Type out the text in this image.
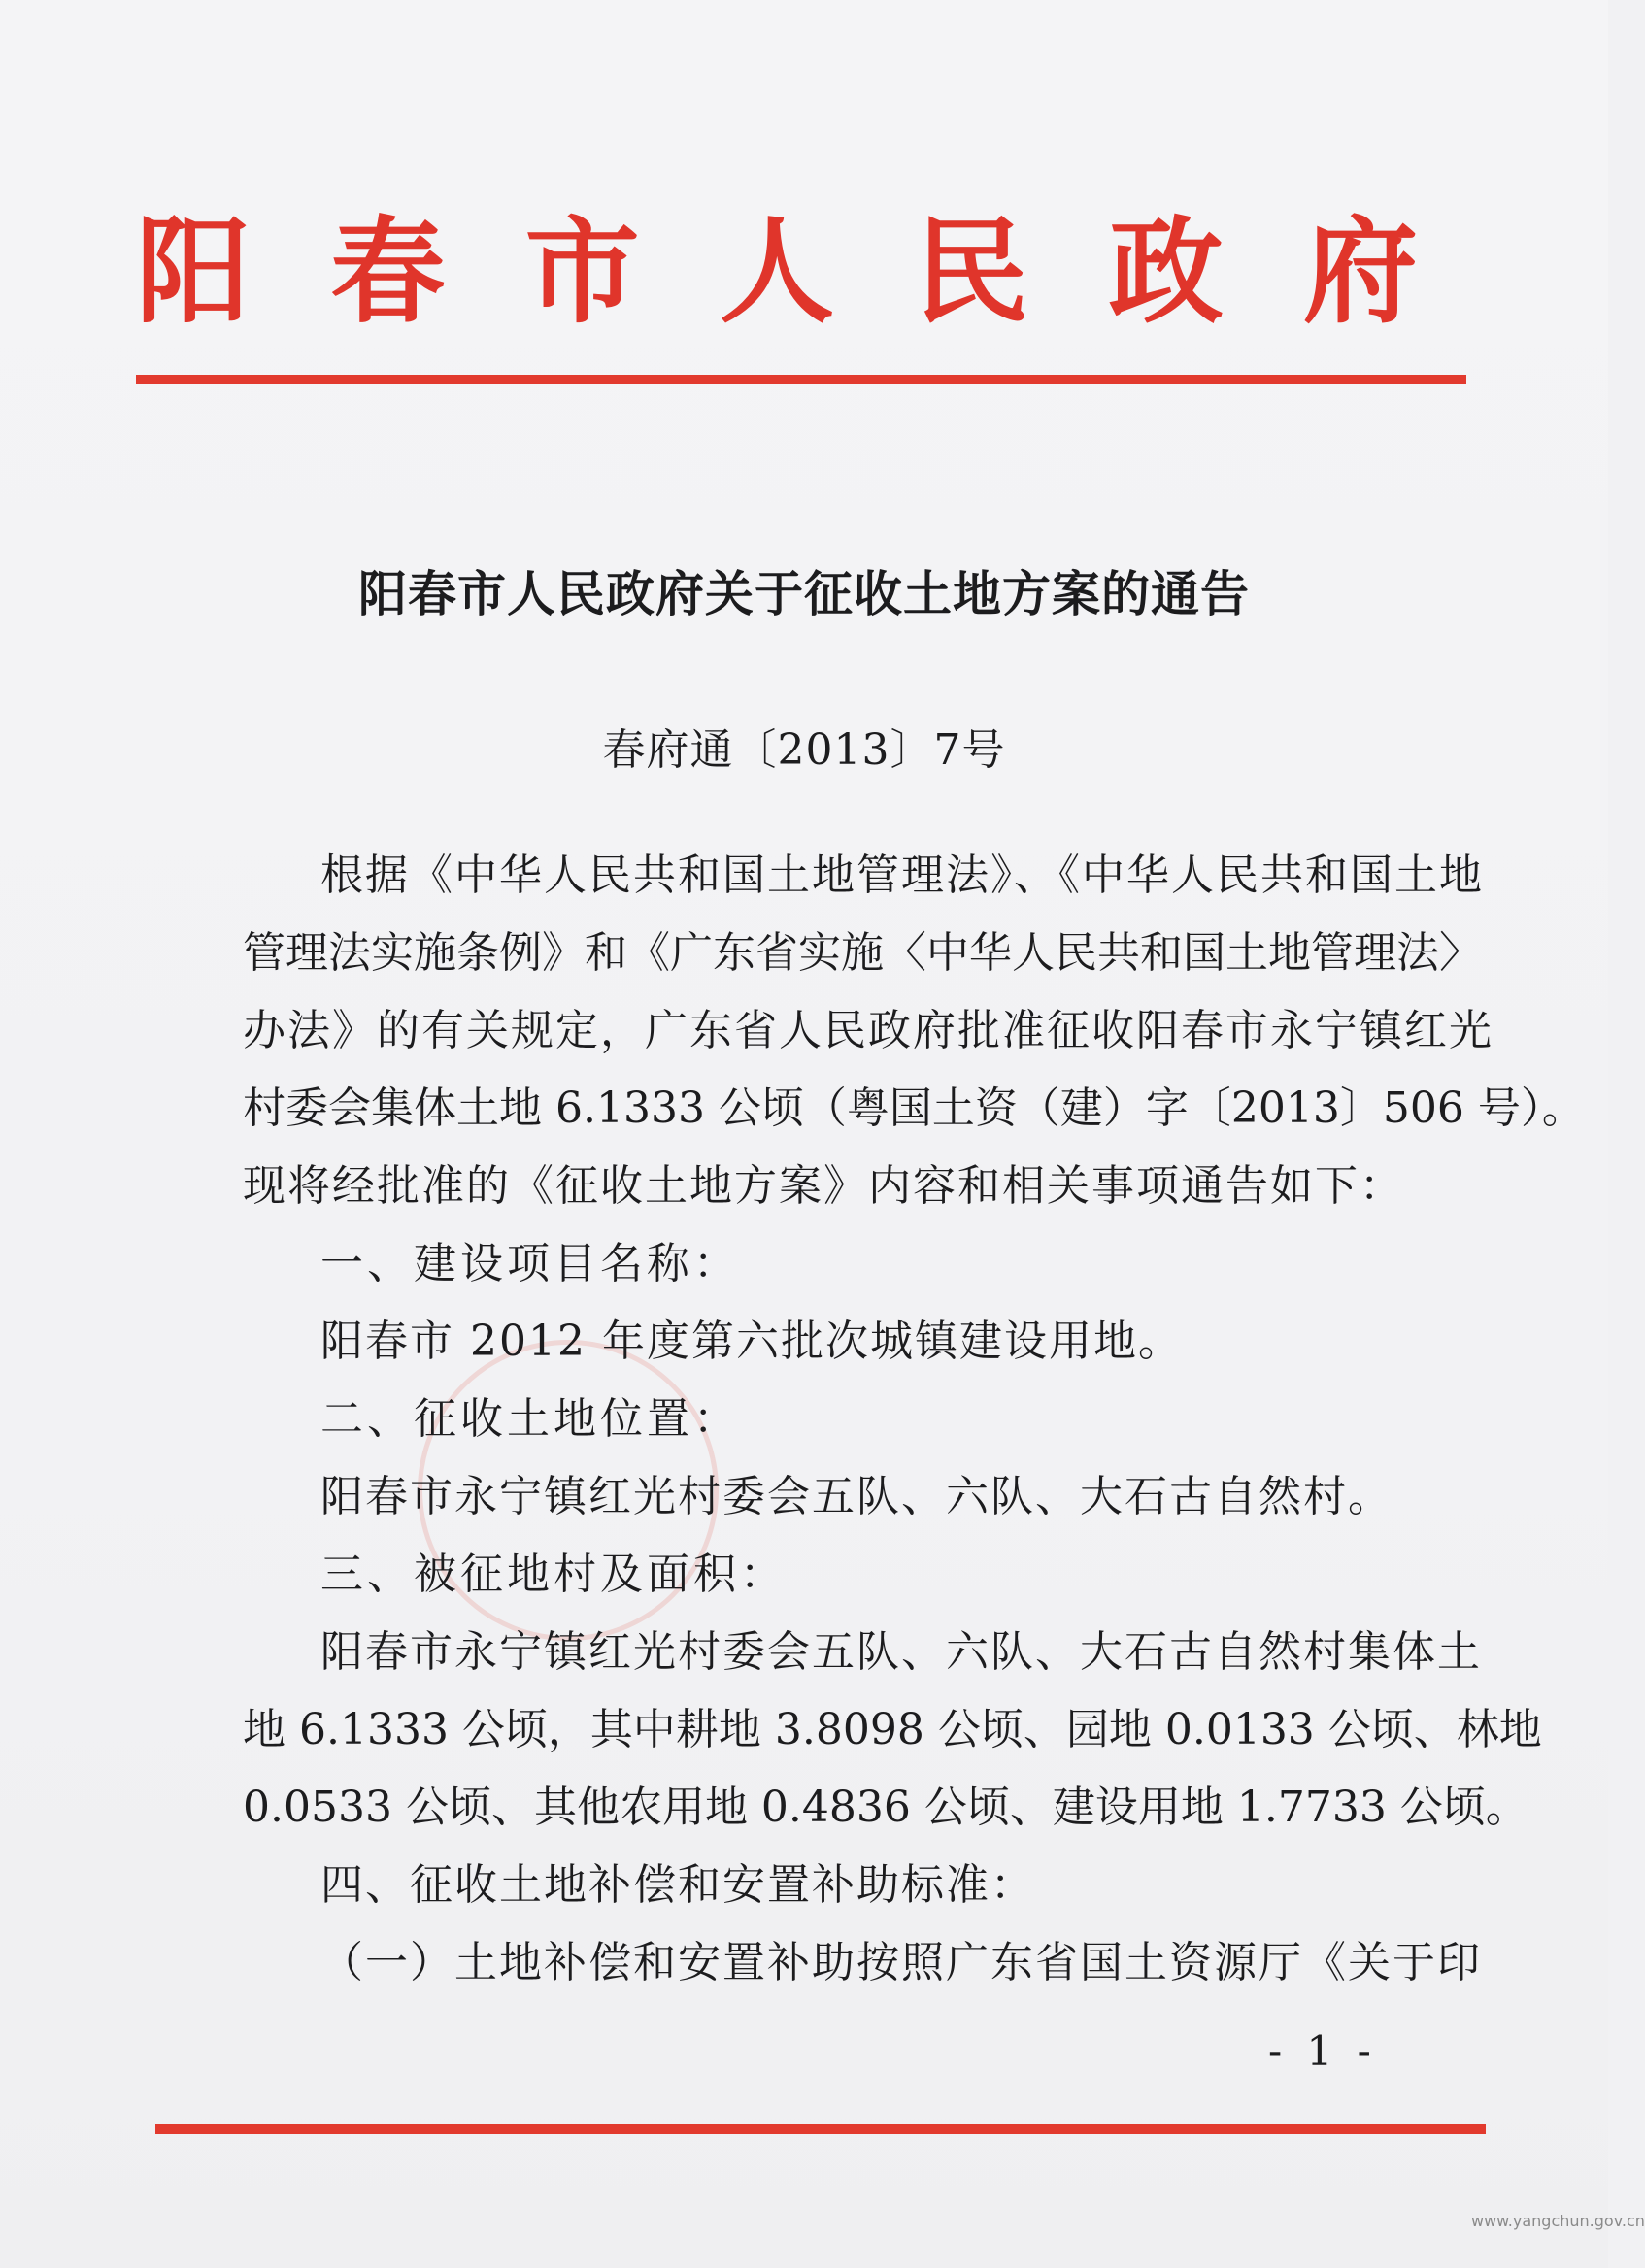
阳 春 市 人 民 政 府
阳春市人民政府关于征收土地方案的通告
春府通〔2013〕7号
根据《中华人民共和国土地管理法》、《中华人民共和国土地
管理法实施条例》和《广东省实施〈中华人民共和国土地管理法〉
办法》的有关规定，广东省人民政府批准征收阳春市永宁镇红光
村委会集体土地 6.1333 公顷（粤国土资（建）字〔2013〕506 号）。
现将经批准的《征收土地方案》内容和相关事项通告如下：
一、建设项目名称：
阳春市 2012 年度第六批次城镇建设用地。
二、征收土地位置：
阳春市永宁镇红光村委会五队、六队、大石古自然村。
三、被征地村及面积：
阳春市永宁镇红光村委会五队、六队、大石古自然村集体土
地 6.1333 公顷，其中耕地 3.8098 公顷、园地 0.0133 公顷、林地
0.0533 公顷、其他农用地 0.4836 公顷、建设用地 1.7733 公顷。
四、征收土地补偿和安置补助标准：
（一）土地补偿和安置补助按照广东省国土资源厅《关于印
- 1 -
www.yangchun.gov.cn
